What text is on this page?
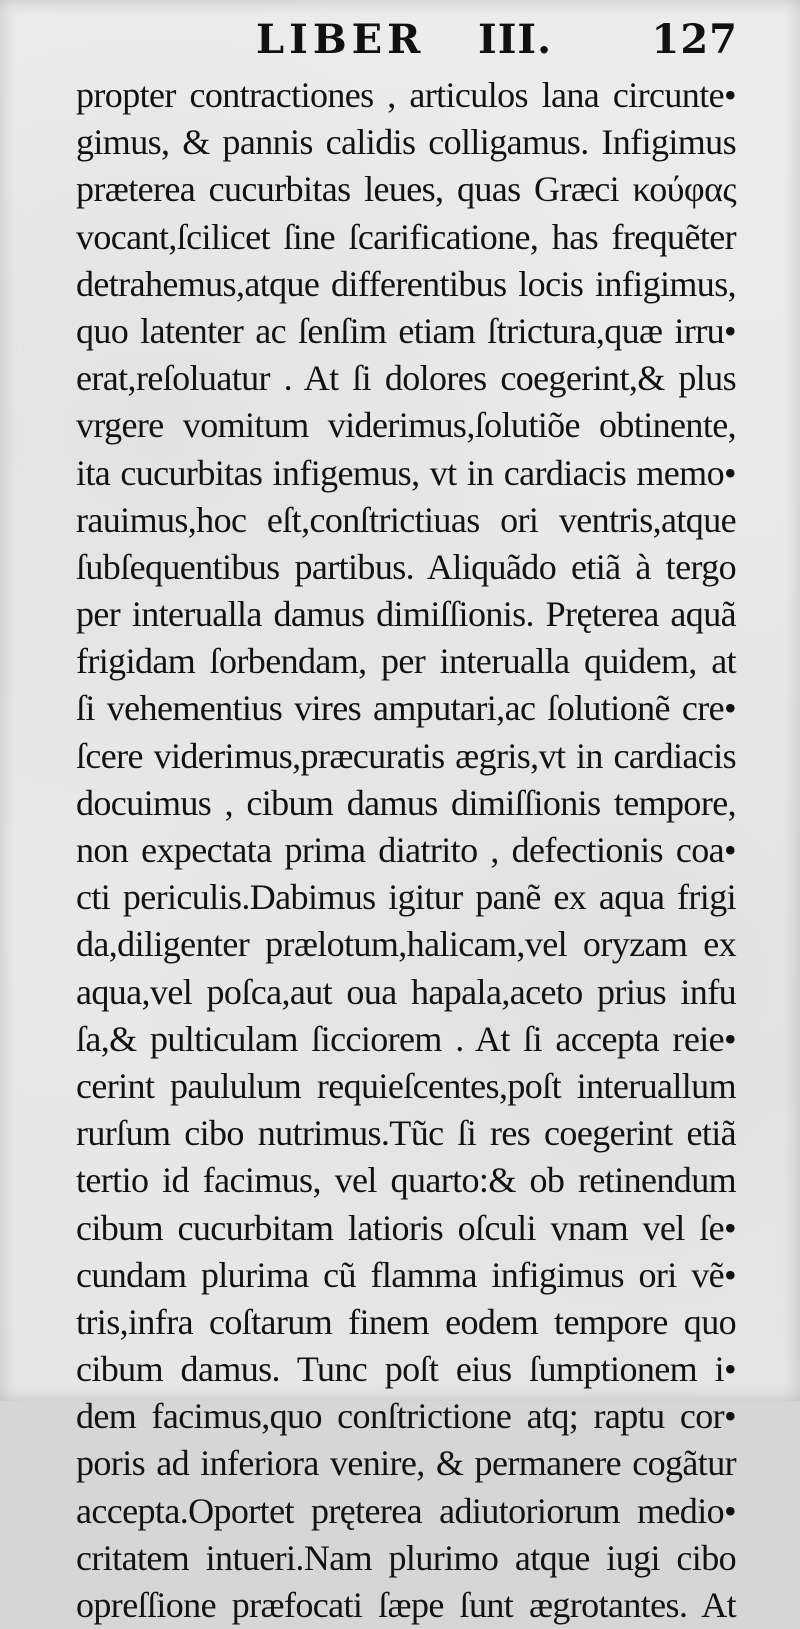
LIBER III. 127
propter contractiones , articulos lana circunte•
gimus, & pannis calidis colligamus. Infigimus
præterea cucurbitas leues, quas Græci κούφας
vocant,ſcilicet ſine ſcarificatione, has frequẽter
detrahemus,atque differentibus locis infigimus,
quo latenter ac ſenſim etiam ſtrictura,quæ irru•
erat,reſoluatur . At ſi dolores coegerint,& plus
vrgere vomitum viderimus,ſolutiõe obtinente,
ita cucurbitas infigemus, vt in cardiacis memo•
rauimus,hoc eſt,conſtrictiuas ori ventris,atque
ſubſequentibus partibus. Aliquãdo etiã à tergo
per interualla damus dimiſſionis. Pręterea aquã
frigidam ſorbendam, per interualla quidem, at
ſi vehementius vires amputari,ac ſolutionẽ cre•
ſcere viderimus,præcuratis ægris,vt in cardiacis
docuimus , cibum damus dimiſſionis tempore,
non expectata prima diatrito , defectionis coa•
cti periculis.Dabimus igitur panẽ ex aqua frigi
da,diligenter prælotum,halicam,vel oryzam ex
aqua,vel poſca,aut oua hapala,aceto prius infu
ſa,& pulticulam ſicciorem . At ſi accepta reie•
cerint paululum requieſcentes,poſt interuallum
rurſum cibo nutrimus.Tũc ſi res coegerint etiã
tertio id facimus, vel quarto:& ob retinendum
cibum cucurbitam latioris oſculi vnam vel ſe•
cundam plurima cũ flamma infigimus ori vẽ•
tris,infra coſtarum finem eodem tempore quo
cibum damus. Tunc poſt eius ſumptionem i•
dem facimus,quo conſtrictione atq; raptu cor•
poris ad inferiora venire, & permanere cogãtur
accepta.Oportet pręterea adiutoriorum medio•
critatem intueri.Nam plurimo atque iugi cibo
opreſſione præfocati ſæpe ſunt ægrotantes. At
